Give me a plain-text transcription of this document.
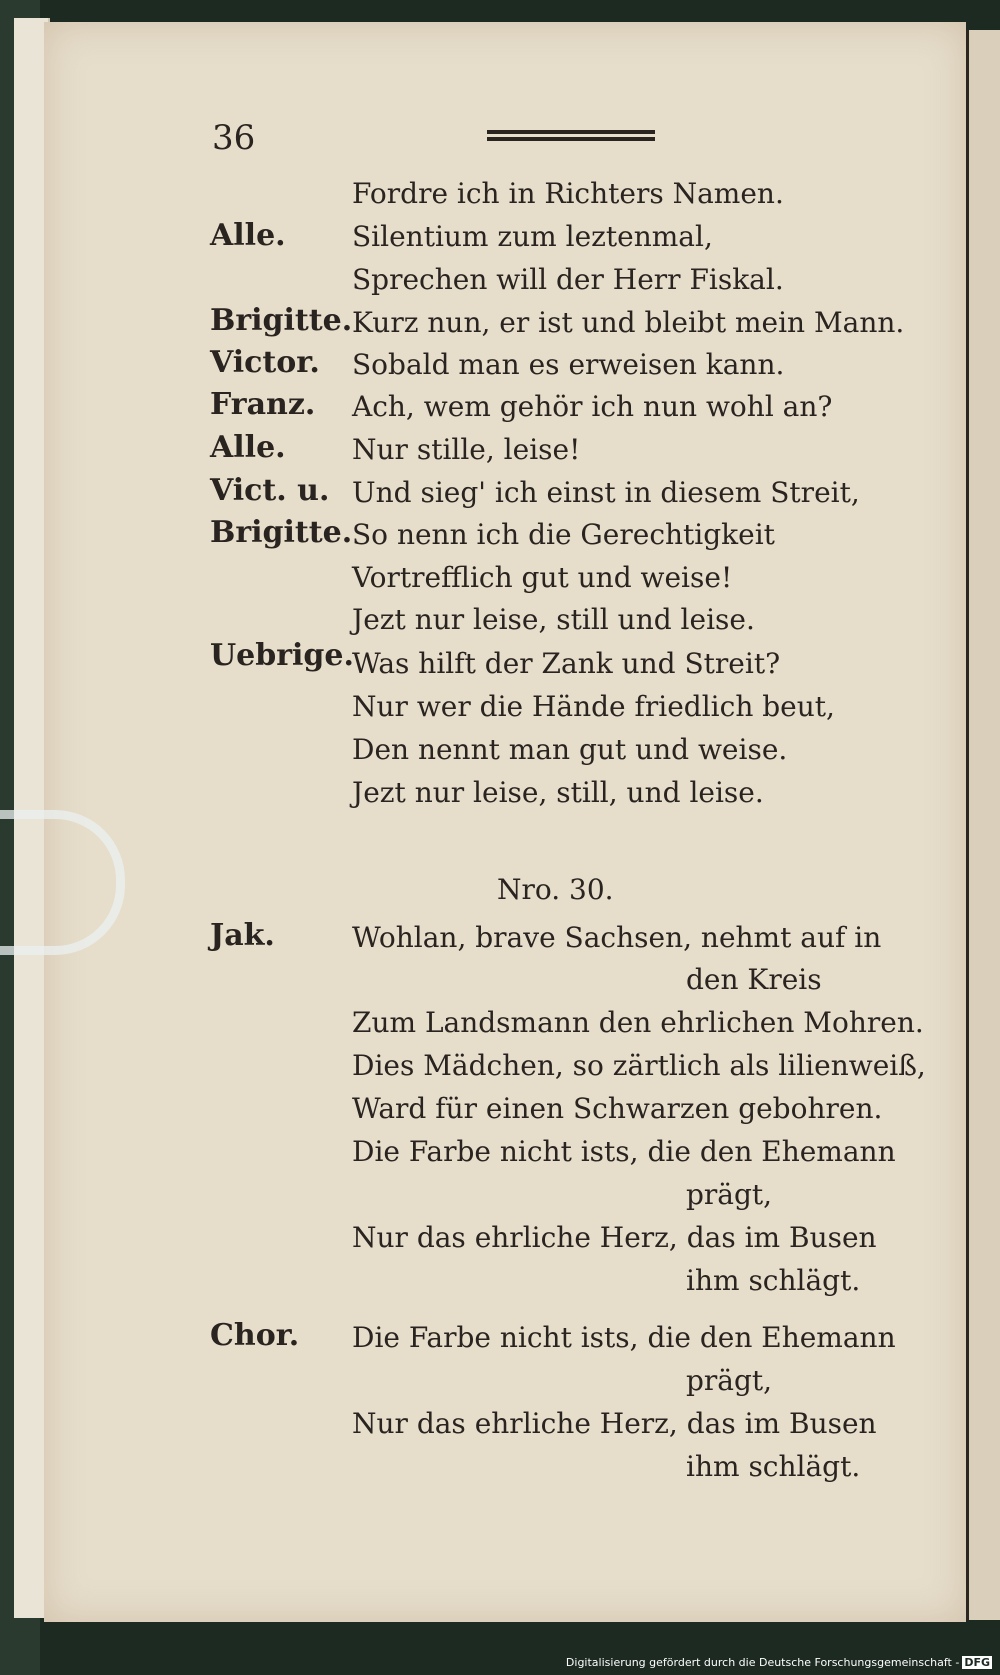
36
Alle.
Brigitte.
Victor.
Franz.
Alle.
Vict. u.
Brigitte.
Uebrige.
Jak.
Chor.
Fordre ich in Richters Namen.
Silentium zum leztenmal,
Sprechen will der Herr Fiskal.
Kurz nun, er ist und bleibt mein Mann.
Sobald man es erweisen kann.
Ach, wem gehör ich nun wohl an?
Nur stille, leise!
Und sieg' ich einst in diesem Streit,
So nenn ich die Gerechtigkeit
Vortrefflich gut und weise!
Jezt nur leise, still und leise.
Was hilft der Zank und Streit?
Nur wer die Hände friedlich beut,
Den nennt man gut und weise.
Jezt nur leise, still, und leise.
Nro. 30.
Wohlan, brave Sachsen, nehmt auf in
den Kreis
Zum Landsmann den ehrlichen Mohren.
Dies Mädchen, so zärtlich als lilienweiß,
Ward für einen Schwarzen gebohren.
Die Farbe nicht ists, die den Ehemann
prägt,
Nur das ehrliche Herz, das im Busen
ihm schlägt.
Die Farbe nicht ists, die den Ehemann
prägt,
Nur das ehrliche Herz, das im Busen
ihm schlägt.
Digitalisierung gefördert durch die Deutsche Forschungsgemeinschaft - DFG
